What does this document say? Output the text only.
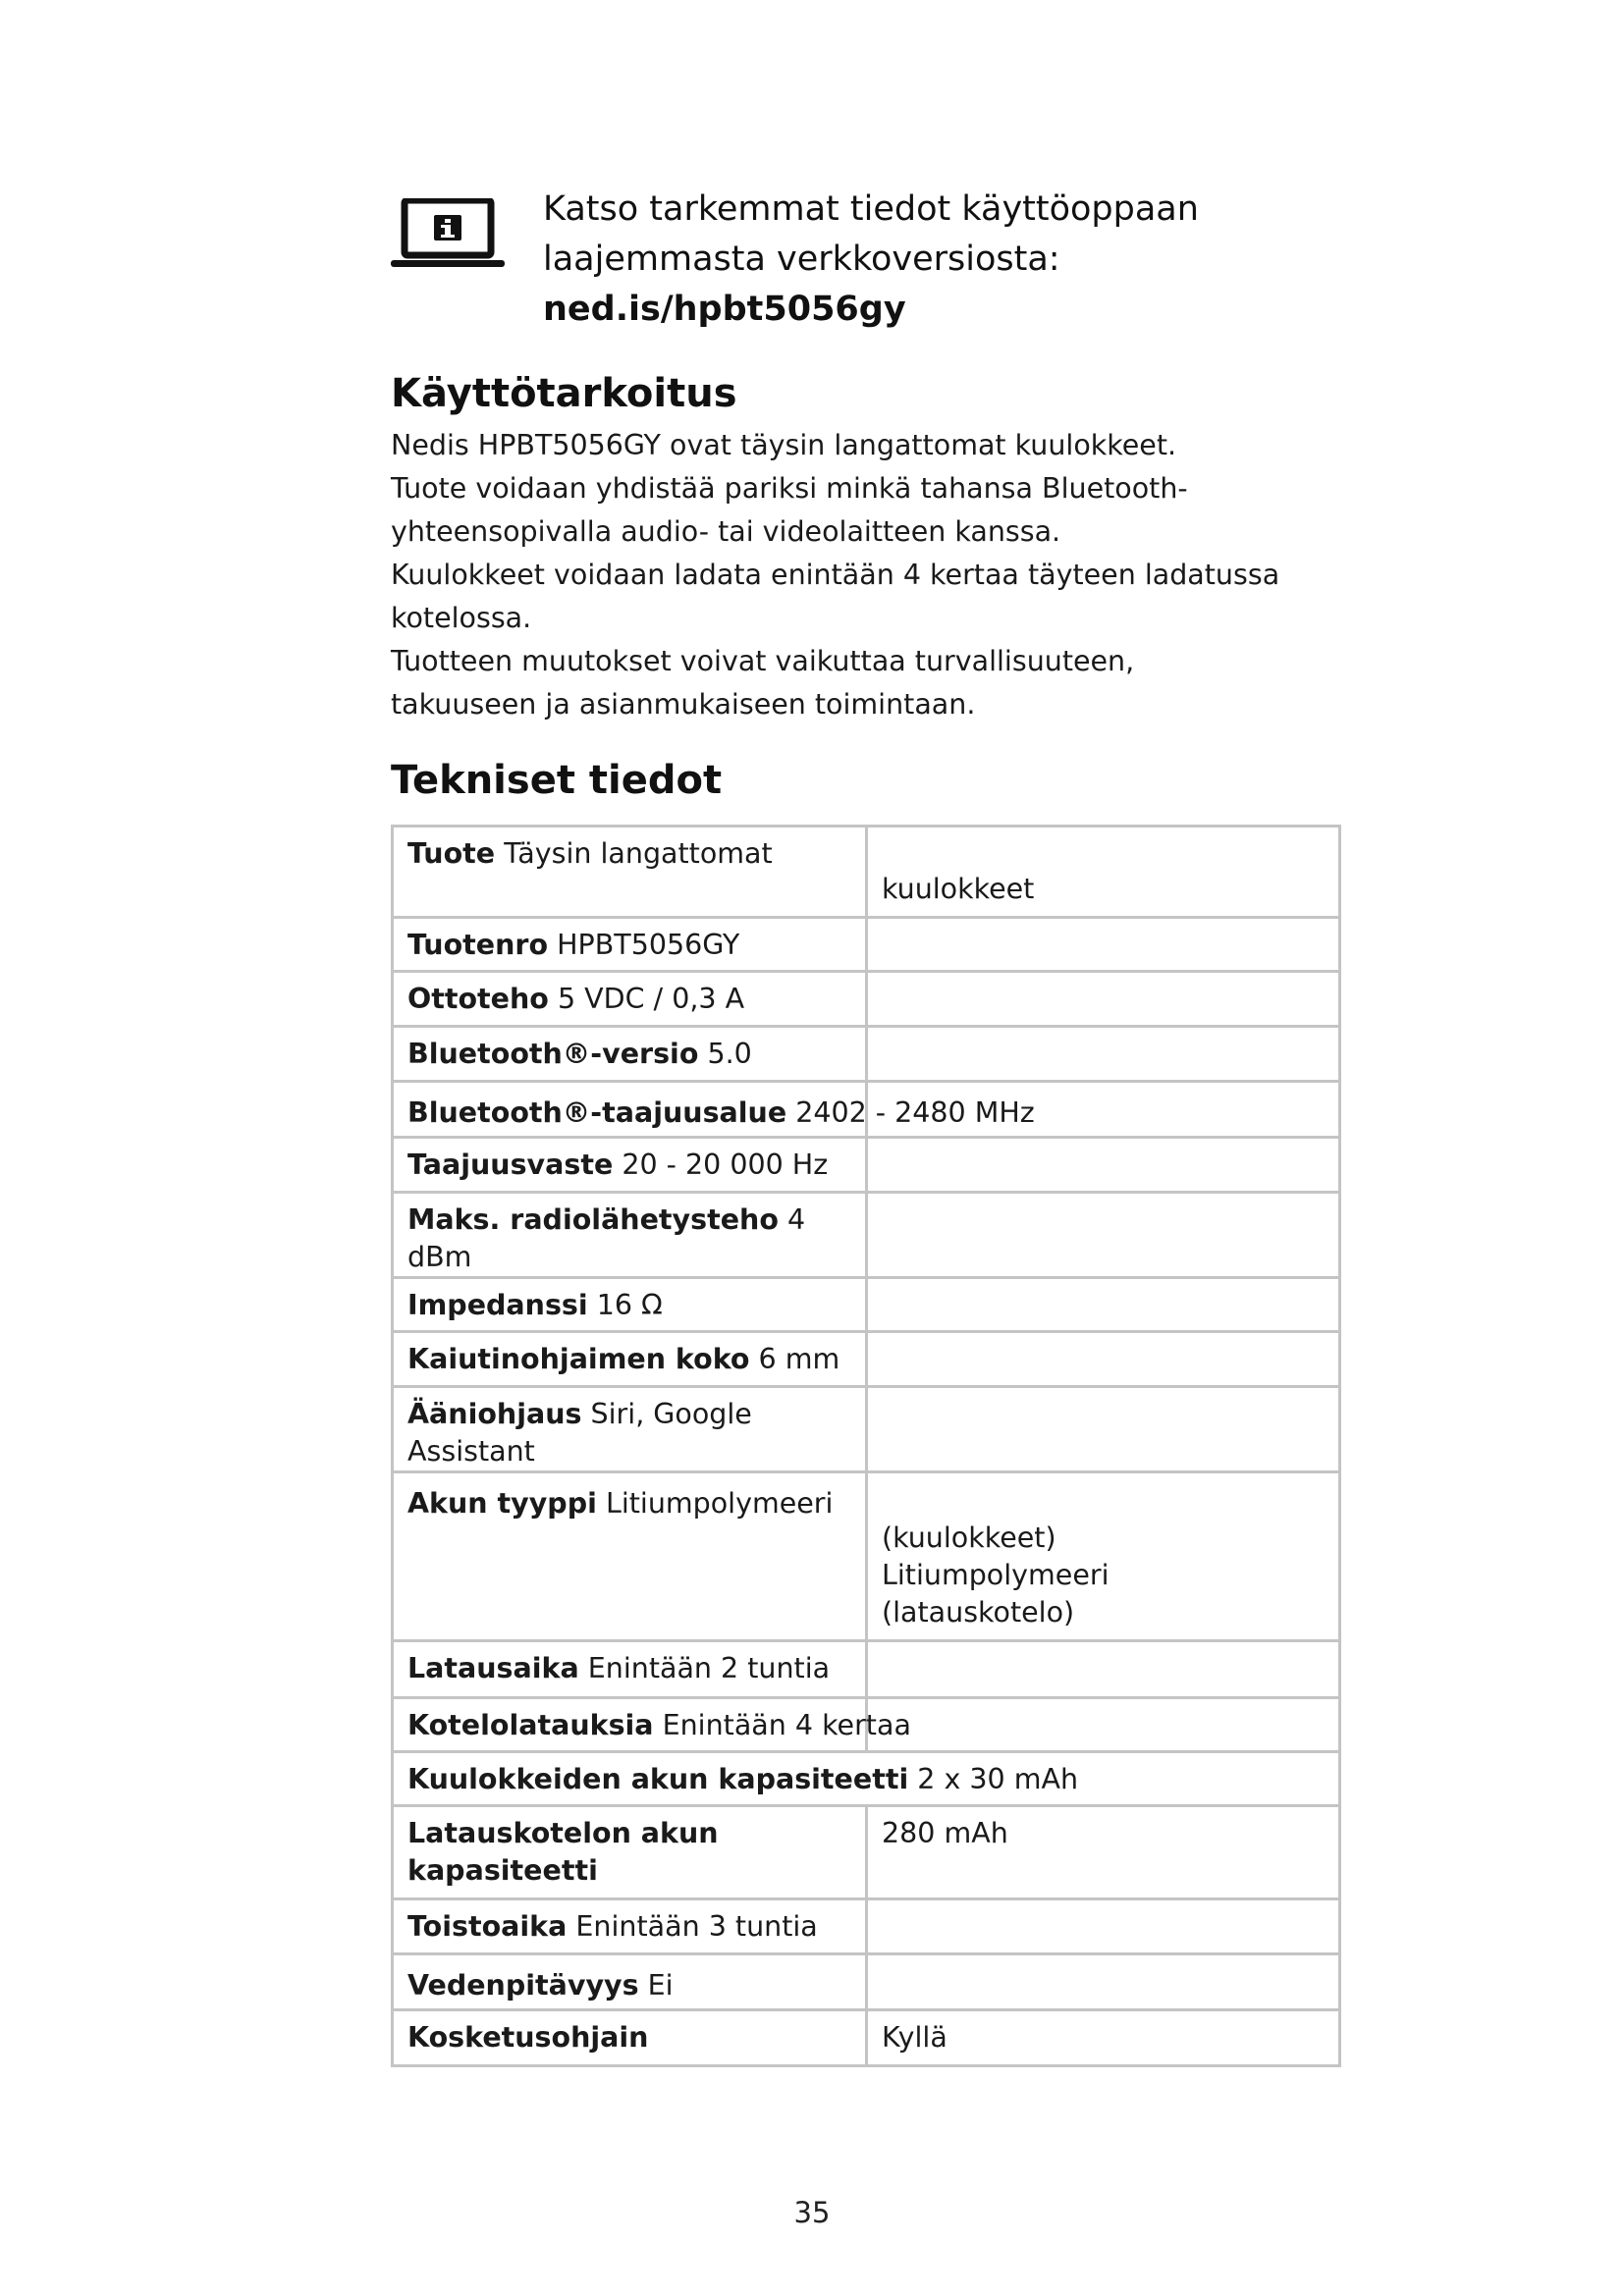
Katso tarkemmat tiedot käyttöoppaan
laajemmasta verkkoversiosta:
ned.is/hpbt5056gy
Käyttötarkoitus
Nedis HPBT5056GY ovat täysin langattomat kuulokkeet.
Tuote voidaan yhdistää pariksi minkä tahansa Bluetooth-
yhteensopivalla audio- tai videolaitteen kanssa.
Kuulokkeet voidaan ladata enintään 4 kertaa täyteen ladatussa
kotelossa.
Tuotteen muutokset voivat vaikuttaa turvallisuuteen,
takuuseen ja asianmukaiseen toimintaan.
Tekniset tiedot
Tuote Täysin langattomat	kuulokkeet
Tuotenro HPBT5056GY	
Ottoteho 5 VDC / 0,3 A	
Bluetooth®-versio 5.0	
Bluetooth®-taajuusalue 2402 - 2480 MHz	
Taajuusvaste 20 - 20 000 Hz	
Maks. radiolähetysteho 4 dBm	
Impedanssi 16 Ω	
Kaiutinohjaimen koko 6 mm	
Ääniohjaus Siri, Google Assistant	
Akun tyyppi Litiumpolymeeri	(kuulokkeet)
Litiumpolymeeri
(latauskotelo)

Latausaika Enintään 2 tuntia	
Kotelolatauksia Enintään 4 kertaa	
Kuulokkeiden akun kapasiteetti 2 x 30 mAh	

Latauskotelon akun
kapasiteetti	280 mAh
Toistoaika Enintään 3 tuntia	
Vedenpitävyys Ei	
Kosketusohjain	Kyllä
35
